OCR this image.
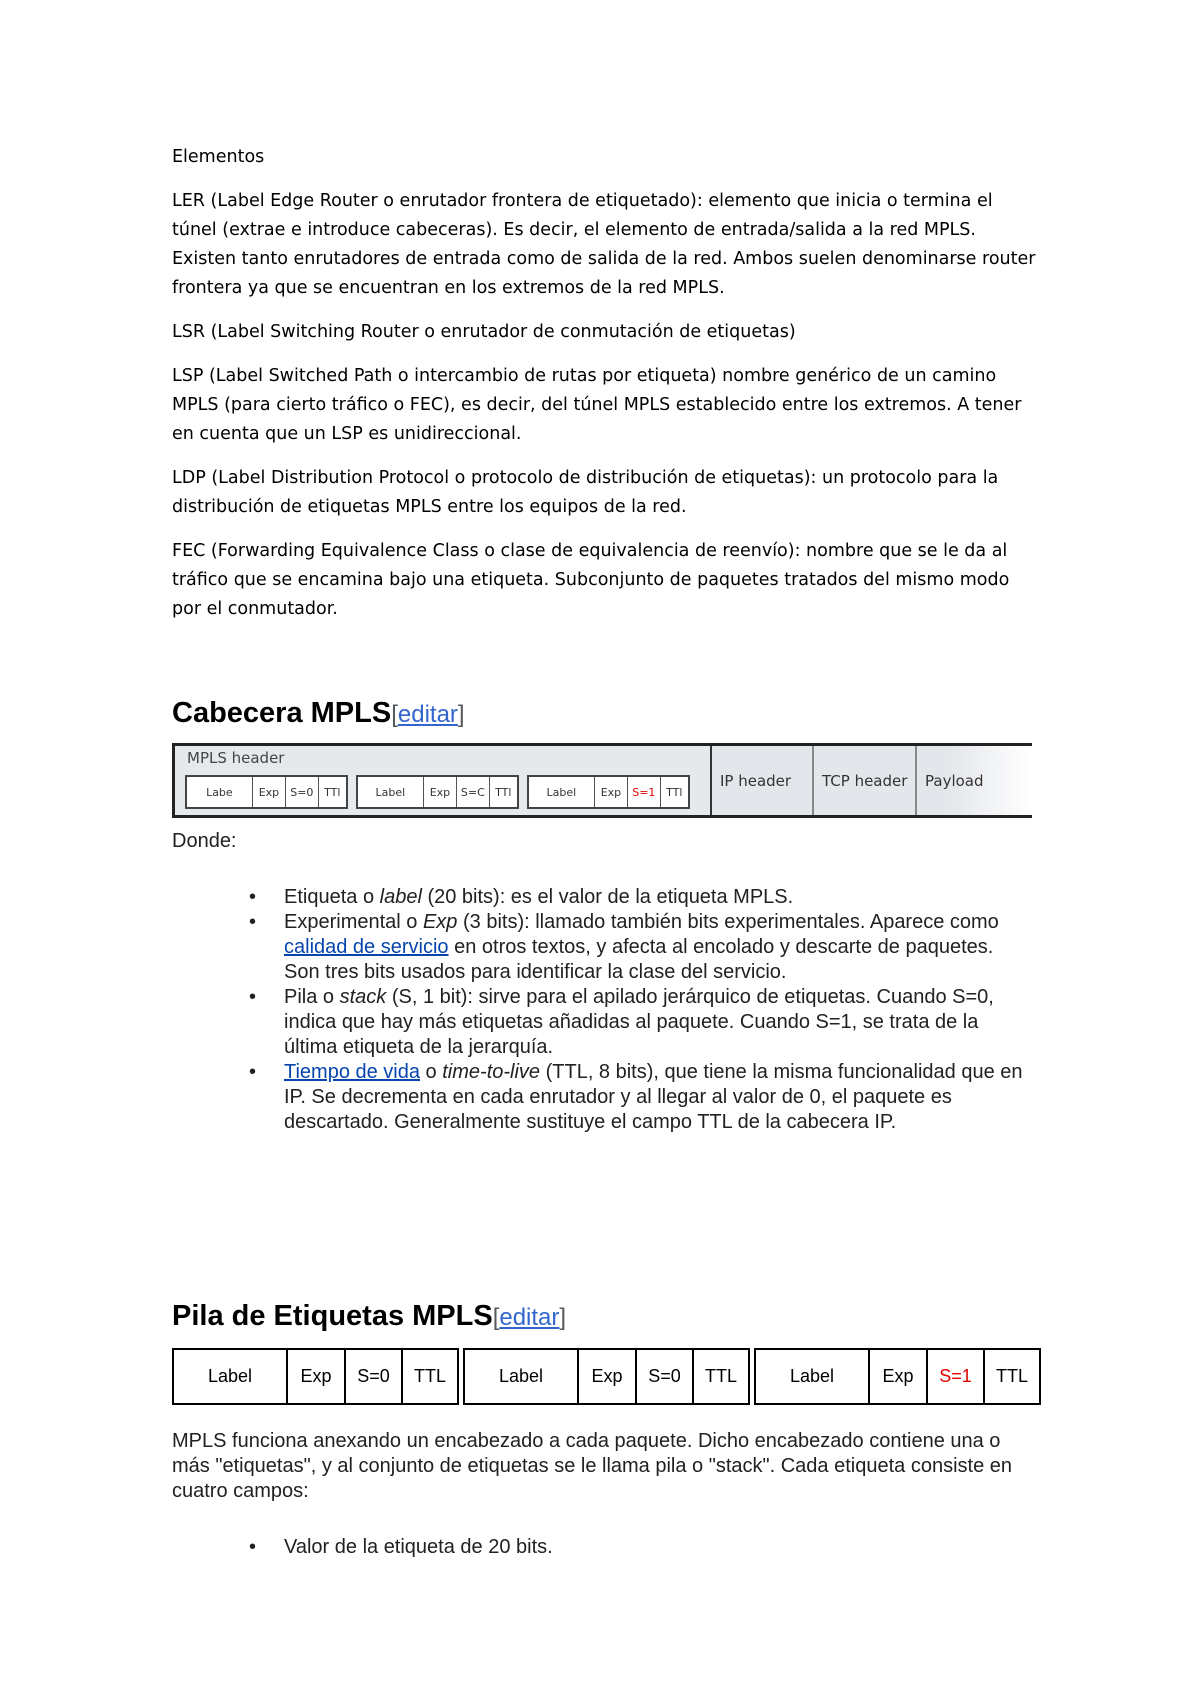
Elementos

LER (Label Edge Router o enrutador frontera de etiquetado): elemento que inicia o termina el túnel (extrae e introduce cabeceras). Es decir, el elemento de entrada/salida a la red MPLS. Existen tanto enrutadores de entrada como de salida de la red. Ambos suelen denominarse router frontera ya que se encuentran en los extremos de la red MPLS.

LSR (Label Switching Router o enrutador de conmutación de etiquetas)

LSP (Label Switched Path o intercambio de rutas por etiqueta) nombre genérico de un camino MPLS (para cierto tráfico o FEC), es decir, del túnel MPLS establecido entre los extremos. A tener en cuenta que un LSP es unidireccional.

LDP (Label Distribution Protocol o protocolo de distribución de etiquetas): un protocolo para la distribución de etiquetas MPLS entre los equipos de la red.

FEC (Forwarding Equivalence Class o clase de equivalencia de reenvío): nombre que se le da al tráfico que se encamina bajo una etiqueta. Subconjunto de paquetes tratados del mismo modo por el conmutador.

Cabecera MPLS[editar]
MPLS header
Labe	Exp	S=0 TTl	Label	Exp S=C TTl	Label	Exp	S=1 TTl
IP header	TCP header	Payload
Donde:
• Etiqueta o label (20 bits): es el valor de la etiqueta MPLS.
• Experimental o Exp (3 bits): llamado también bits experimentales. Aparece como calidad de servicio en otros textos, y afecta al encolado y descarte de paquetes. Son tres bits usados para identificar la clase del servicio.
• Pila o stack (S, 1 bit): sirve para el apilado jerárquico de etiquetas. Cuando S=0, indica que hay más etiquetas añadidas al paquete. Cuando S=1, se trata de la última etiqueta de la jerarquía.
• Tiempo de vida o time-to-live (TTL, 8 bits), que tiene la misma funcionalidad que en IP. Se decrementa en cada enrutador y al llegar al valor de 0, el paquete es descartado. Generalmente sustituye el campo TTL de la cabecera IP.
Pila de Etiquetas MPLS[editar]
Label	Exp	S=0	TTL	Label	Exp	S=0	TTL	Label	Exp	S=1	TTL

MPLS funciona anexando un encabezado a cada paquete. Dicho encabezado contiene una o más "etiquetas", y al conjunto de etiquetas se le llama pila o "stack". Cada etiqueta consiste en cuatro campos:

• Valor de la etiqueta de 20 bits.
